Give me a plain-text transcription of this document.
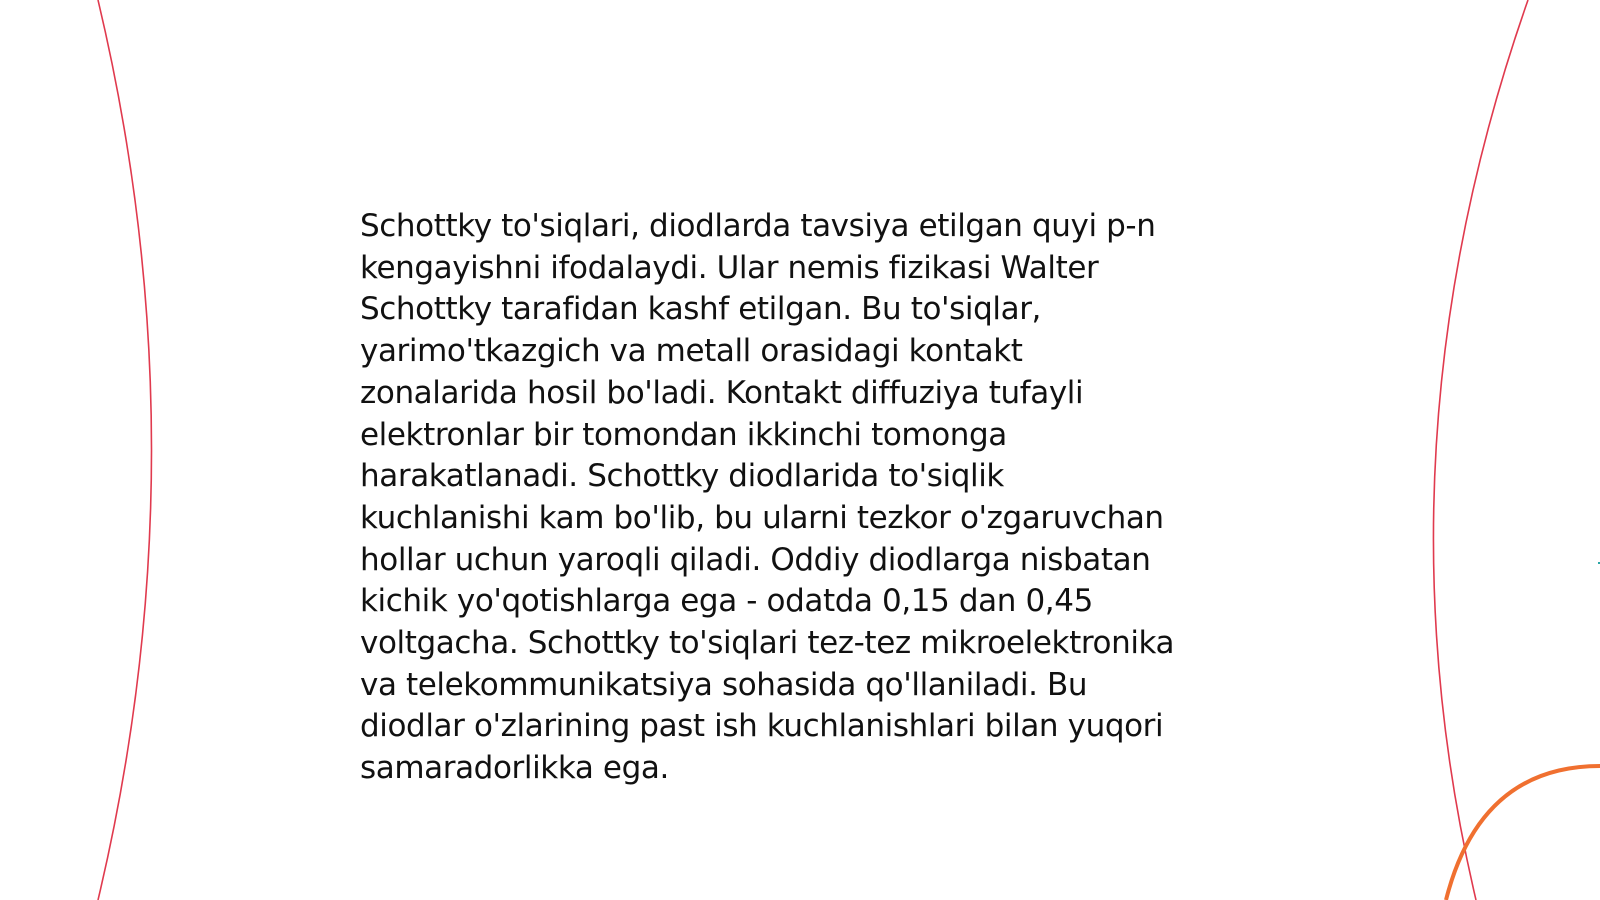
Schottky to'siqlari, diodlarda tavsiya etilgan quyi p-n
kengayishni ifodalaydi. Ular nemis fizikasi Walter
Schottky tarafidan kashf etilgan. Bu to'siqlar,
yarimo'tkazgich va metall orasidagi kontakt
zonalarida hosil bo'ladi. Kontakt diffuziya tufayli
elektronlar bir tomondan ikkinchi tomonga
harakatlanadi. Schottky diodlarida to'siqlik
kuchlanishi kam bo'lib, bu ularni tezkor o'zgaruvchan
hollar uchun yaroqli qiladi. Oddiy diodlarga nisbatan
kichik yo'qotishlarga ega - odatda 0,15 dan 0,45
voltgacha. Schottky to'siqlari tez-tez mikroelektronika
va telekommunikatsiya sohasida qo'llaniladi. Bu
diodlar o'zlarining past ish kuchlanishlari bilan yuqori
samaradorlikka ega.
